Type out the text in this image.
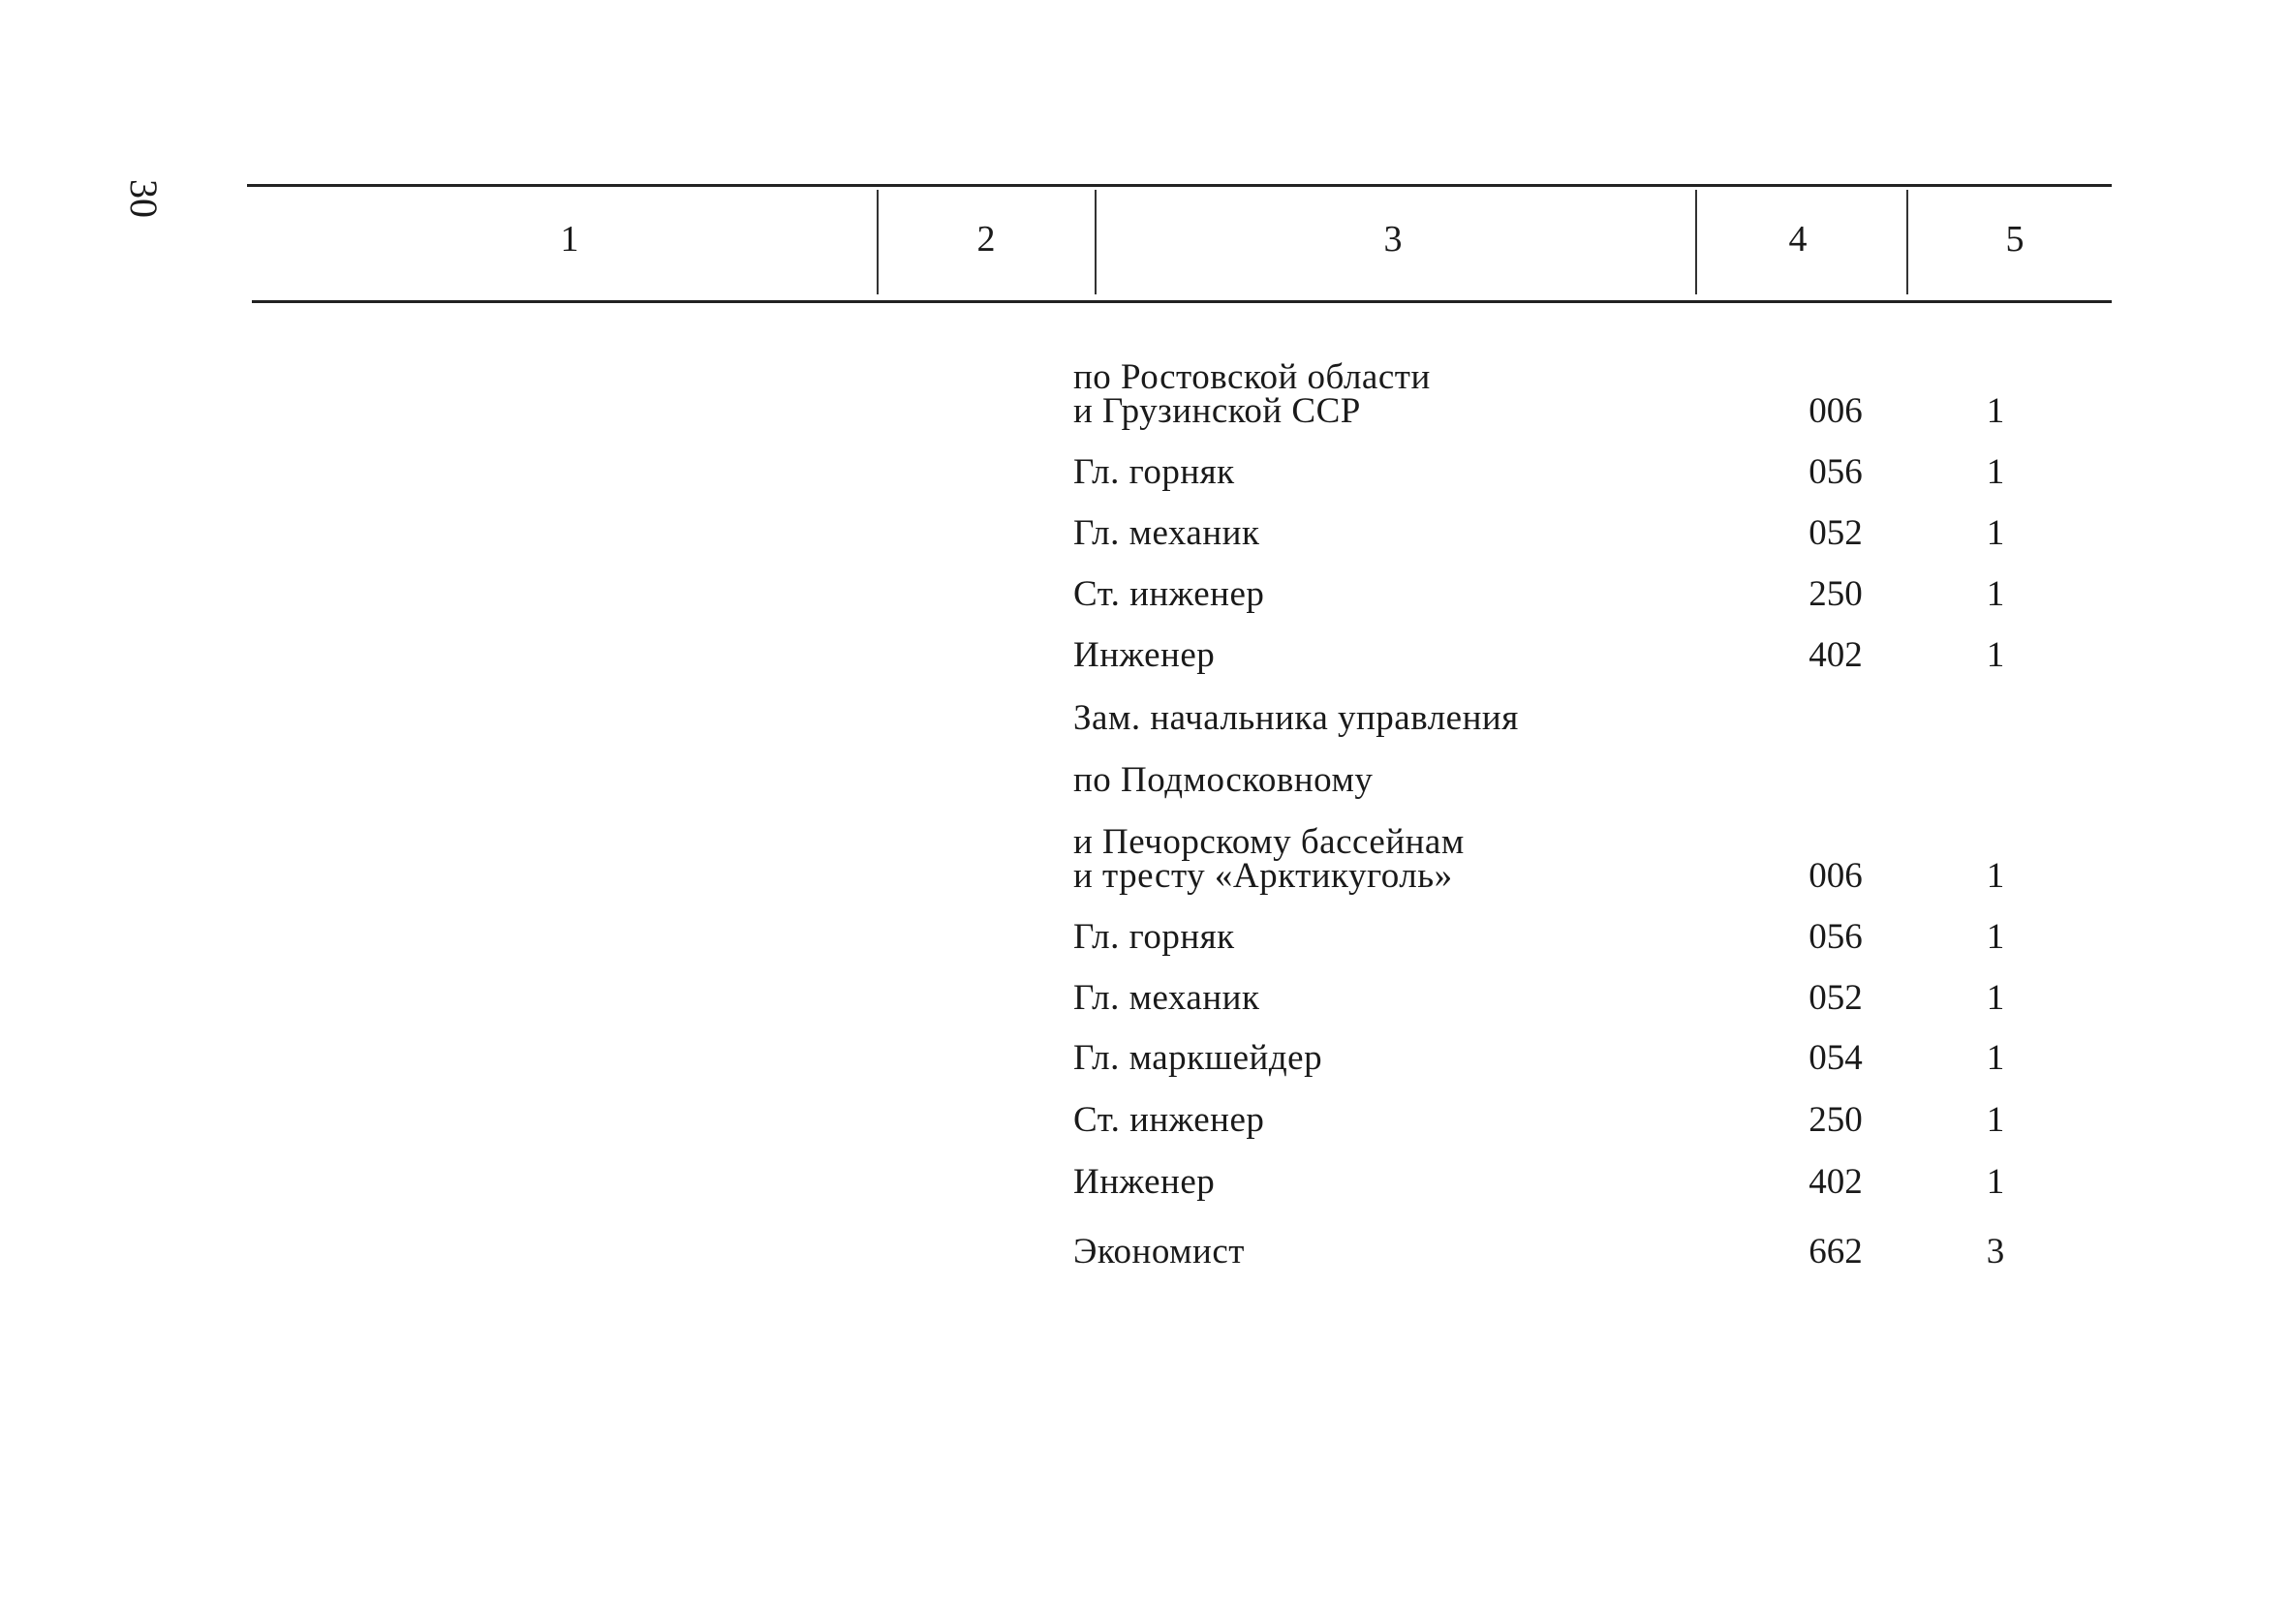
30
1	2	3	4	5
по Ростовской области
и Грузинской ССР	006	1
Гл. горняк	056	1
Гл. механик	052	1
Ст. инженер	250	1
Инженер	402	1
Зам. начальника управления
по Подмосковному
и Печорскому бассейнам
и тресту «Арктикуголь»	006	1
Гл. горняк	056	1
Гл. механик	052	1
Гл. маркшейдер	054	1
Ст. инженер	250	1
Инженер	402	1
Экономист	662	3
